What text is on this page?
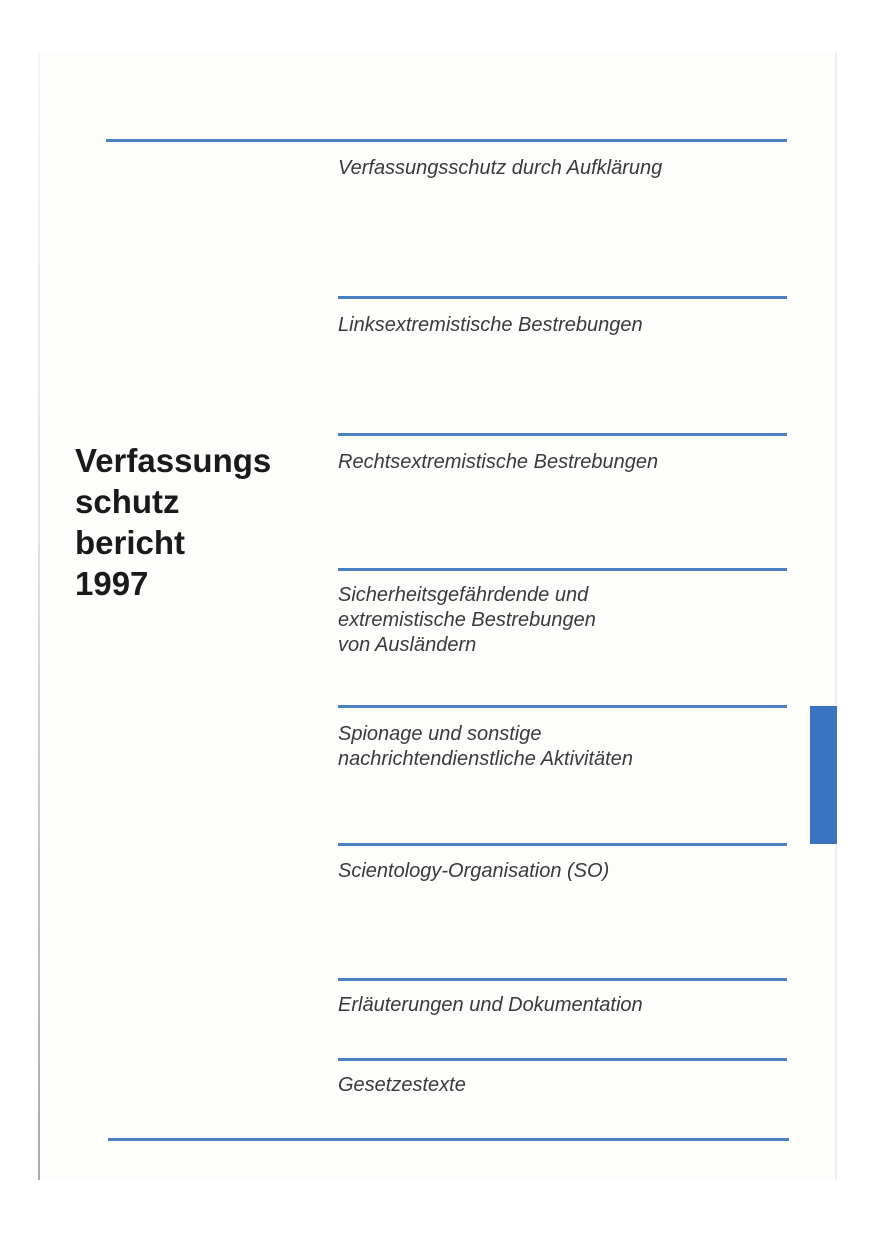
Verfassungsschutz durch Aufklärung
Linksextremistische Bestrebungen
Rechtsextremistische Bestrebungen
Sicherheitsgefährdende und
extremistische Bestrebungen
von Ausländern
Spionage und sonstige
nachrichtendienstliche Aktivitäten
Scientology-Organisation (SO)
Erläuterungen und Dokumentation
Gesetzestexte
Verfassungs
schutz
bericht
1997
